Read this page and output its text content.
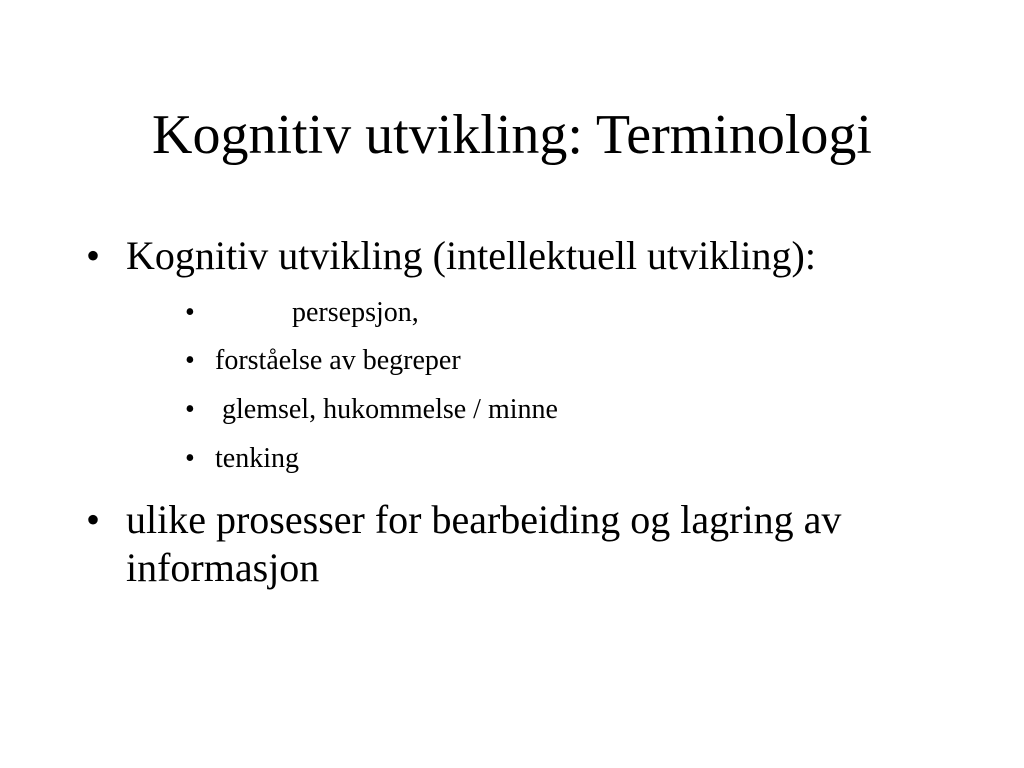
Kognitiv utvikling: Terminologi
• Kognitiv utvikling (intellektuell utvikling):
•	persepsjon,
• forståelse av begreper
• glemsel, hukommelse / minne
• tenking
• ulike prosesser for bearbeiding og lagring av informasjon
